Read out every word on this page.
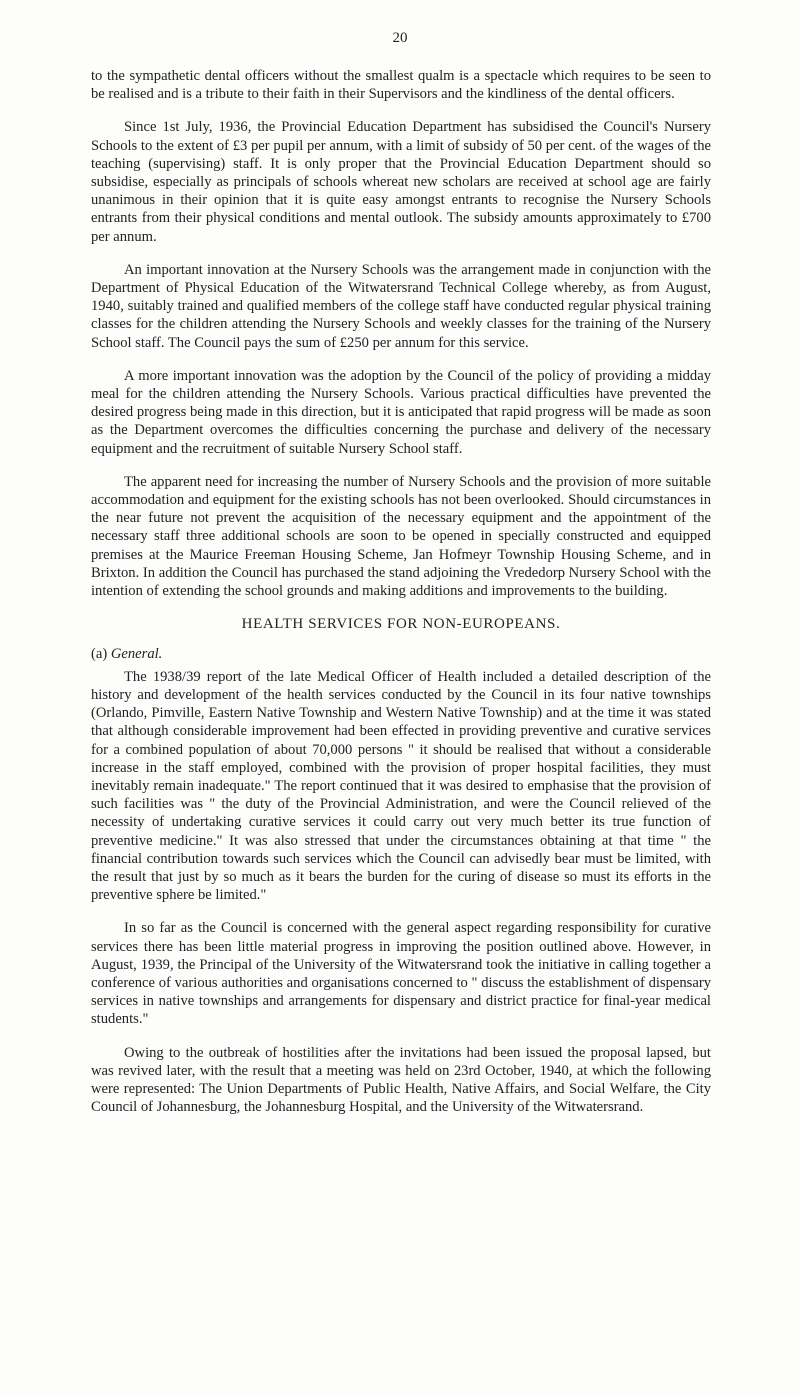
20

to the sympathetic dental officers without the smallest qualm is a spectacle which requires to be seen to be realised and is a tribute to their faith in their Supervisors and the kindliness of the dental officers.

Since 1st July, 1936, the Provincial Education Department has subsidised the Council's Nursery Schools to the extent of £3 per pupil per annum, with a limit of subsidy of 50 per cent. of the wages of the teaching (supervising) staff. It is only proper that the Provincial Education Department should so subsidise, especially as principals of schools whereat new scholars are received at school age are fairly unanimous in their opinion that it is quite easy amongst entrants to recognise the Nursery Schools entrants from their physical conditions and mental outlook. The subsidy amounts approximately to £700 per annum.

An important innovation at the Nursery Schools was the arrangement made in conjunction with the Department of Physical Education of the Witwatersrand Technical College whereby, as from August, 1940, suitably trained and qualified members of the college staff have conducted regular physical training classes for the children attending the Nursery Schools and weekly classes for the training of the Nursery School staff. The Council pays the sum of £250 per annum for this service.

A more important innovation was the adoption by the Council of the policy of providing a midday meal for the children attending the Nursery Schools. Various practical difficulties have prevented the desired progress being made in this direction, but it is anticipated that rapid progress will be made as soon as the Department overcomes the difficulties concerning the purchase and delivery of the necessary equipment and the recruitment of suitable Nursery School staff.

The apparent need for increasing the number of Nursery Schools and the provision of more suitable accommodation and equipment for the existing schools has not been overlooked. Should circumstances in the near future not prevent the acquisition of the necessary equipment and the appointment of the necessary staff three additional schools are soon to be opened in specially constructed and equipped premises at the Maurice Freeman Housing Scheme, Jan Hofmeyr Township Housing Scheme, and in Brixton. In addition the Council has purchased the stand adjoining the Vrededorp Nursery School with the intention of extending the school grounds and making additions and improvements to the building.

HEALTH SERVICES FOR NON-EUROPEANS.
(a) General.

The 1938/39 report of the late Medical Officer of Health included a detailed description of the history and development of the health services conducted by the Council in its four native townships (Orlando, Pimville, Eastern Native Township and Western Native Township) and at the time it was stated that although considerable improvement had been effected in providing preventive and curative services for a combined population of about 70,000 persons " it should be realised that without a considerable increase in the staff employed, combined with the provision of proper hospital facilities, they must inevitably remain inadequate." The report continued that it was desired to emphasise that the provision of such facilities was " the duty of the Provincial Administration, and were the Council relieved of the necessity of undertaking curative services it could carry out very much better its true function of preventive medicine." It was also stressed that under the circumstances obtaining at that time " the financial contribution towards such services which the Council can advisedly bear must be limited, with the result that just by so much as it bears the burden for the curing of disease so must its efforts in the preventive sphere be limited."

In so far as the Council is concerned with the general aspect regarding responsibility for curative services there has been little material progress in improving the position outlined above. However, in August, 1939, the Principal of the University of the Witwatersrand took the initiative in calling together a conference of various authorities and organisations concerned to " discuss the establishment of dispensary services in native townships and arrangements for dispensary and district practice for final-year medical students."

Owing to the outbreak of hostilities after the invitations had been issued the proposal lapsed, but was revived later, with the result that a meeting was held on 23rd October, 1940, at which the following were represented: The Union Departments of Public Health, Native Affairs, and Social Welfare, the City Council of Johannesburg, the Johannesburg Hospital, and the University of the Witwatersrand.
